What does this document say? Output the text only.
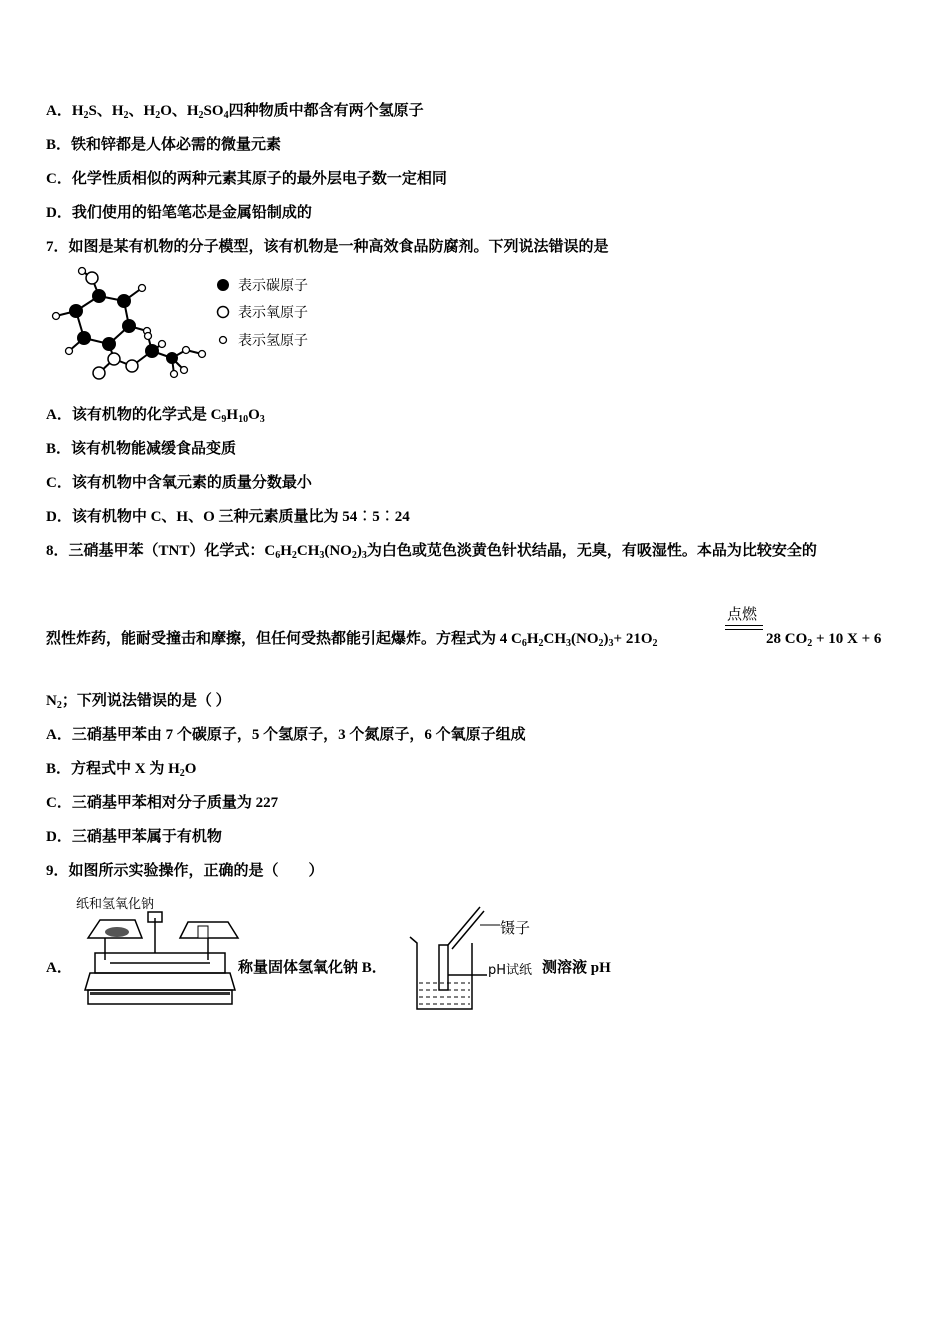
A．$H_2S$、$H_2$、$H_2O$、$H_2SO_4$四种物质中都含有两个氢原子
B．铁和锌都是人体必需的微量元素
C．化学性质相似的两种元素其原子的最外层电子数一定相同
D．我们使用的铅笔笔芯是金属铅制成的
7．如图是某有机物的分子模型，该有机物是一种高效食品防腐剂。下列说法错误的是
表示碳原子
表示氧原子
表示氢原子
A．该有机物的化学式是 $C_9H_{10}O_3$
B．该有机物能减缓食品变质
C．该有机物中含氧元素的质量分数最小
D．该有机物中 C、H、O 三种元素质量比为 54︰5︰24
8．三硝基甲苯（TNT）化学式：$C_6H_2CH_3(NO_2)_3$为白色或苋色淡黄色针状结晶，无臭，有吸湿性。本品为比较安全的
点燃
烈性炸药，能耐受撞击和摩擦，但任何受热都能引起爆炸。方程式为 4 $C_6H_2CH_3(NO_2)_3+ 21O_2$	28 $CO_2 + 10$ X + 6
$N_2$；下列说法错误的是（ ）
A．三硝基甲苯由 7 个碳原子，5 个氢原子，3 个氮原子，6 个氧原子组成
B．方程式中 X 为 $H_2O$
C．三硝基甲苯相对分子质量为 227
D．三硝基甲苯属于有机物
9．如图所示实验操作，正确的是（　　）
纸和氢氧化钠
A．	称量固体氢氧化钠 B．
镊子
pH试纸 测溶液 pH
